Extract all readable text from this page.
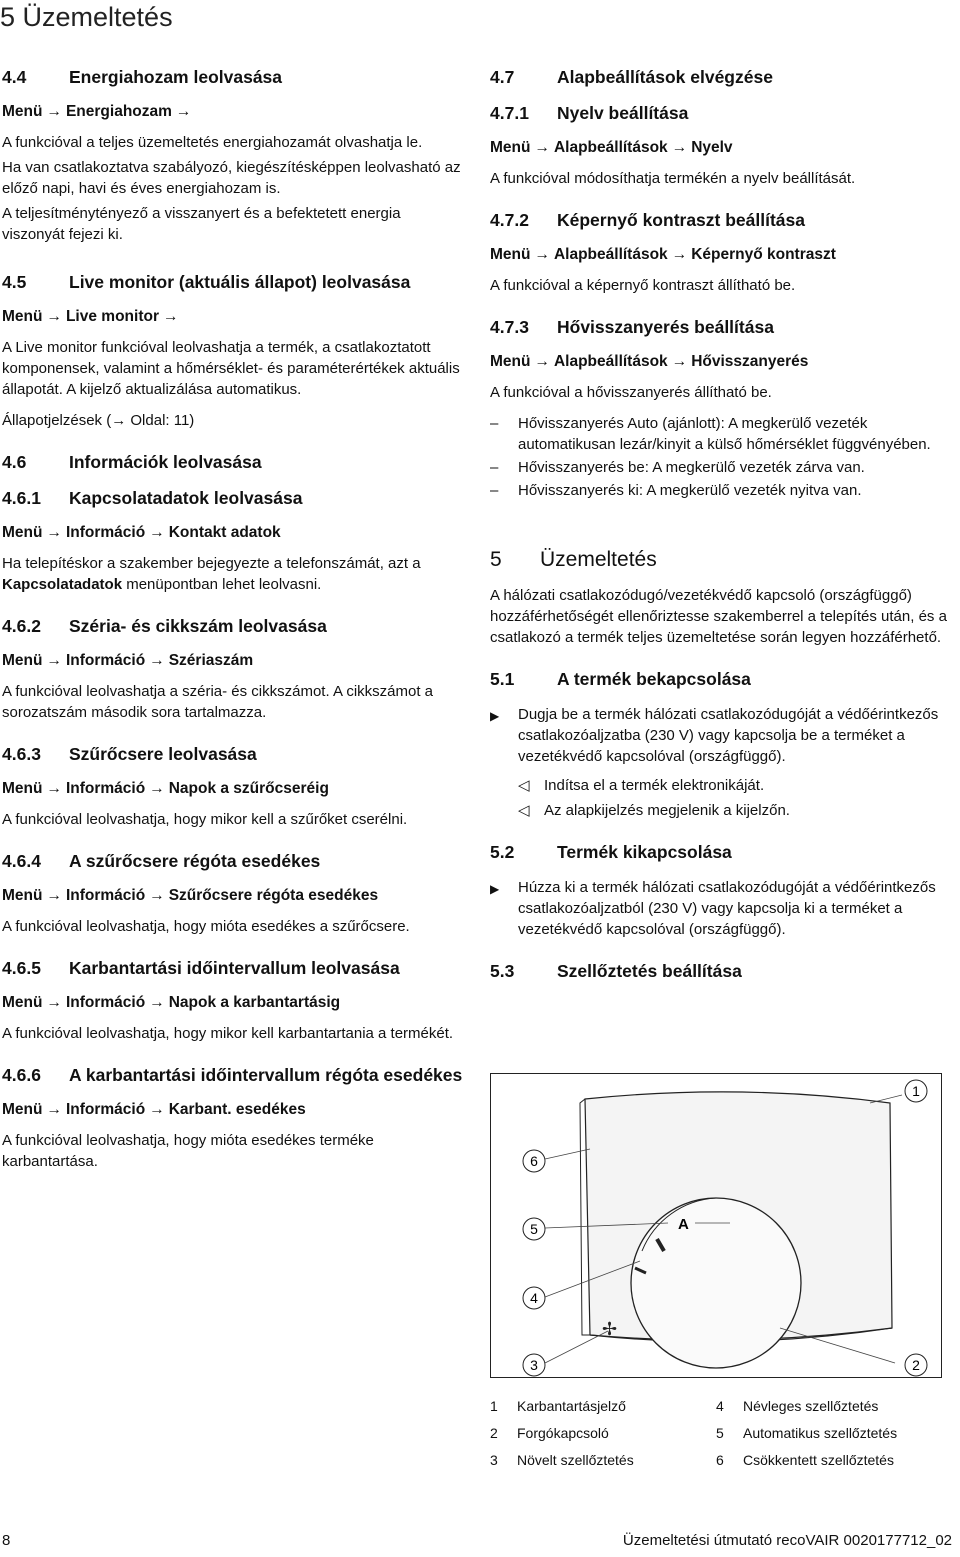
5 Üzemeltetés
4.4	Energiahozam leolvasása
Menü → Energiahozam →

A funkcióval a teljes üzemeltetés energiahozamát olvashatja le.

Ha van csatlakoztatva szabályozó, kiegészítésképpen leolvasható az előző napi, havi és éves energiahozam is.

A teljesítménytényező a visszanyert és a befektetett energia viszonyát fejezi ki.

4.5	Live monitor (aktuális állapot) leolvasása
Menü → Live monitor →

A Live monitor funkcióval leolvashatja a termék, a csatlakoztatott komponensek, valamint a hőmérséklet- és paraméterértékek aktuális állapotát. A kijelző aktualizálása automatikus.

Állapotjelzések (→ Oldal: 11)

4.6	Információk leolvasása
4.6.1	Kapcsolatadatok leolvasása
Menü → Információ → Kontakt adatok

Ha telepítéskor a szakember bejegyezte a telefonszámát, azt a Kapcsolatadatok menüpontban lehet leolvasni.

4.6.2	Széria- és cikkszám leolvasása
Menü → Információ → Szériaszám

A funkcióval leolvashatja a széria- és cikkszámot. A cikkszámot a sorozatszám második sora tartalmazza.

4.6.3	Szűrőcsere leolvasása
Menü → Információ → Napok a szűrőcseréig

A funkcióval leolvashatja, hogy mikor kell a szűrőket cserélni.

4.6.4	A szűrőcsere régóta esedékes
Menü → Információ → Szűrőcsere régóta esedékes

A funkcióval leolvashatja, hogy mióta esedékes a szűrőcsere.

4.6.5	Karbantartási időintervallum leolvasása
Menü → Információ → Napok a karbantartásig

A funkcióval leolvashatja, hogy mikor kell karbantartania a termékét.

4.6.6	A karbantartási időintervallum régóta esedékes
Menü → Információ → Karbant. esedékes

A funkcióval leolvashatja, hogy mióta esedékes termékе karbantartása.

4.7	Alapbeállítások elvégzése
4.7.1	Nyelv beállítása
Menü → Alapbeállítások → Nyelv

A funkcióval módosíthatja termékén a nyelv beállítását.

4.7.2	Képernyő kontraszt beállítása
Menü → Alapbeállítások → Képernyő kontraszt

A funkcióval a képernyő kontraszt állítható be.

4.7.3	Hővisszanyerés beállítása
Menü → Alapbeállítások → Hővisszanyerés

A funkcióval a hővisszanyerés állítható be.

–	Hővisszanyerés Auto (ajánlott): A megkerülő vezeték automatikusan lezár/kinyit a külső hőmérséklet függvényében.
–	Hővisszanyerés be: A megkerülő vezeték zárva van.
–	Hővisszanyerés ki: A megkerülő vezeték nyitva van.
5	Üzemeltetés

A hálózati csatlakozódugó/vezetékvédő kapcsoló (országfüggő) hozzáférhetőségét ellenőriztesse szakemberrel a telepítés után, és a csatlakozó a termék teljes üzemeltetése során legyen hozzáférhető.

5.1	A termék bekapcsolása
▶	Dugja be a termék hálózati csatlakozódugóját a védőérintkezős csatlakozóaljzatba (230 V) vagy kapcsolja be a terméket a vezetékvédő kapcsolóval (országfüggő).
◁ Indítsa el a termék elektronikáját.
◁ Az alapkijelzés megjelenik a kijelzőn.
5.2	Termék kikapcsolása
▶	Húzza ki a termék hálózati csatlakozódugóját a védőérintkezős csatlakozóaljzatból (230 V) vagy kapcsolja ki a terméket a vezetékvédő kapcsolóval (országfüggő).
5.3	Szellőztetés beállítása
✢
1
2
3
4
5
6
A
1	Karbantartásjelző	4	Névleges szellőztetés
2	Forgókapcsoló	5	Automatikus szellőztetés
3	Növelt szellőztetés	6	Csökkentett szellőztetés
8	Üzemeltetési útmutató recoVAIR 0020177712_02
